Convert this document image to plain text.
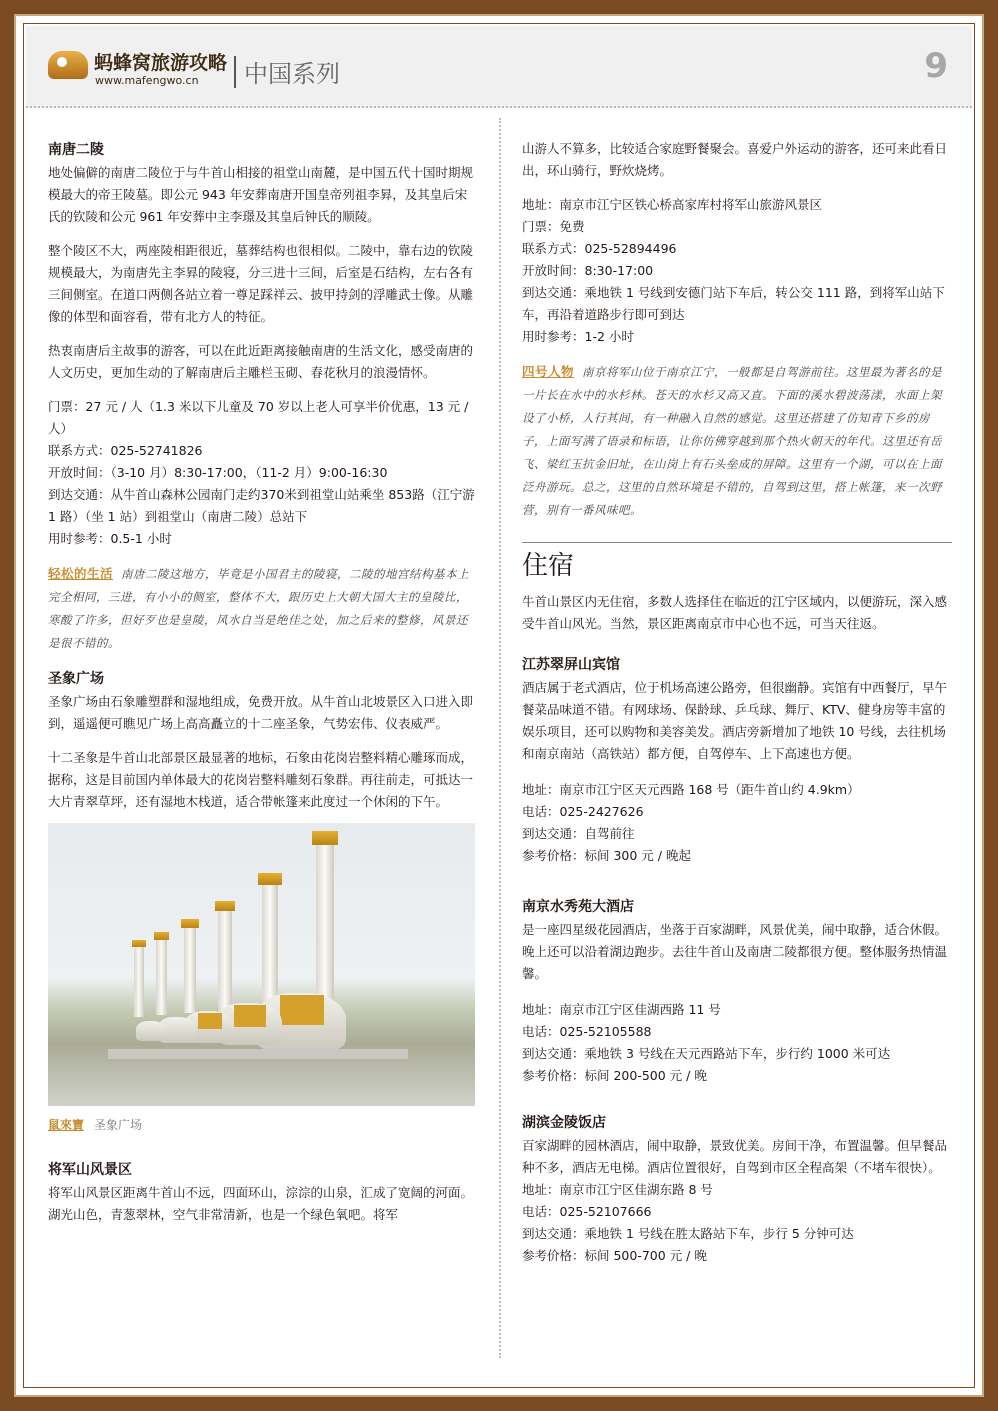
蚂蜂窝旅游攻略
www.mafengwo.cn 中国系列	9
南唐二陵

地处偏僻的南唐二陵位于与牛首山相接的祖堂山南麓，是中国五代十国时期规模最大的帝王陵墓。即公元 943 年安葬南唐开国皇帝列祖李昪，及其皇后宋氏的钦陵和公元 961 年安葬中主李璟及其皇后钟氏的顺陵。

整个陵区不大，两座陵相距很近，墓葬结构也很相似。二陵中，靠右边的钦陵规模最大，为南唐先主李昪的陵寝，分三进十三间，后室是石结构，左右各有三间侧室。在道口两侧各站立着一尊足踩祥云、披甲持剑的浮雕武士像。从雕像的体型和面容看，带有北方人的特征。

热衷南唐后主故事的游客，可以在此近距离接触南唐的生活文化，感受南唐的人文历史，更加生动的了解南唐后主雕栏玉砌、春花秋月的浪漫情怀。

门票：27 元 / 人（1.3 米以下儿童及 70 岁以上老人可享半价优惠，13 元 / 人）

联系方式：025-52741826

开放时间：（3-10 月）8:30-17:00，（11-2 月）9:00-16:30

到达交通：从牛首山森林公园南门走约370米到祖堂山站乘坐 853路（江宁游 1 路）（坐 1 站）到祖堂山（南唐二陵）总站下

用时参考：0.5-1 小时

轻松的生活 南唐二陵这地方，毕竟是小国君主的陵寝，二陵的地宫结构基本上完全相同，三进，有小小的侧室，整体不大，跟历史上大朝大国大主的皇陵比，寒酸了许多，但好歹也是皇陵，风水自当是绝佳之处，加之后来的整修，风景还是很不错的。

圣象广场

圣象广场由石象雕塑群和湿地组成，免费开放。从牛首山北坡景区入口进入即到，遥遥便可瞧见广场上高高矗立的十二座圣象，气势宏伟、仪表威严。

十二圣象是牛首山北部景区最显著的地标，石象由花岗岩整料精心雕琢而成，据称，这是目前国内单体最大的花岗岩整料雕刻石象群。再往前走，可抵达一大片青翠草坪，还有湿地木栈道，适合带帐篷来此度过一个休闲的下午。

鼠來寶 圣象广场
将军山风景区

将军山风景区距离牛首山不远，四面环山，淙淙的山泉，汇成了宽阔的河面。湖光山色，青葱翠林，空气非常清新，也是一个绿色氧吧。将军

山游人不算多，比较适合家庭野餐聚会。喜爱户外运动的游客，还可来此看日出，环山骑行，野炊烧烤。

地址：南京市江宁区铁心桥高家库村将军山旅游风景区

门票：免费

联系方式：025-52894496

开放时间：8:30-17:00

到达交通：乘地铁 1 号线到安德门站下车后，转公交 111 路，到将军山站下车，再沿着道路步行即可到达

用时参考：1-2 小时

四号人物 南京将军山位于南京江宁，一般都是自驾游前往。这里最为著名的是一片长在水中的水杉林。苍天的水杉又高又直。下面的溪水碧波荡漾，水面上架设了小桥，人行其间，有一种融入自然的感觉。这里还搭建了仿知青下乡的房子，上面写满了语录和标语，让你仿佛穿越到那个热火朝天的年代。这里还有岳飞、梁红玉抗金旧址，在山岗上有石头垒成的屏障。这里有一个湖，可以在上面泛舟游玩。总之，这里的自然环境是不错的，自驾到这里，搭上帐篷，来一次野营，别有一番风味吧。

住宿

牛首山景区内无住宿，多数人选择住在临近的江宁区域内，以便游玩，深入感受牛首山风光。当然，景区距离南京市中心也不远，可当天往返。

江苏翠屏山宾馆

酒店属于老式酒店，位于机场高速公路旁，但很幽静。宾馆有中西餐厅，早午餐菜品味道不错。有网球场、保龄球、乒乓球、舞厅、KTV、健身房等丰富的娱乐项目，还可以购物和美容美发。酒店旁新增加了地铁 10 号线，去往机场和南京南站（高铁站）都方便，自驾停车、上下高速也方便。

地址：南京市江宁区天元西路 168 号（距牛首山约 4.9km）

电话：025-2427626

到达交通：自驾前往

参考价格：标间 300 元 / 晚起

南京水秀苑大酒店

是一座四星级花园酒店，坐落于百家湖畔，风景优美，闹中取静，适合休假。晚上还可以沿着湖边跑步。去往牛首山及南唐二陵都很方便。整体服务热情温馨。

地址：南京市江宁区佳湖西路 11 号

电话：025-52105588

到达交通：乘地铁 3 号线在天元西路站下车，步行约 1000 米可达

参考价格：标间 200-500 元 / 晚

湖滨金陵饭店

百家湖畔的园林酒店，闹中取静，景致优美。房间干净，布置温馨。但早餐品种不多，酒店无电梯。酒店位置很好，自驾到市区全程高架（不堵车很快）。

地址：南京市江宁区佳湖东路 8 号

电话：025-52107666

到达交通：乘地铁 1 号线在胜太路站下车，步行 5 分钟可达

参考价格：标间 500-700 元 / 晚
